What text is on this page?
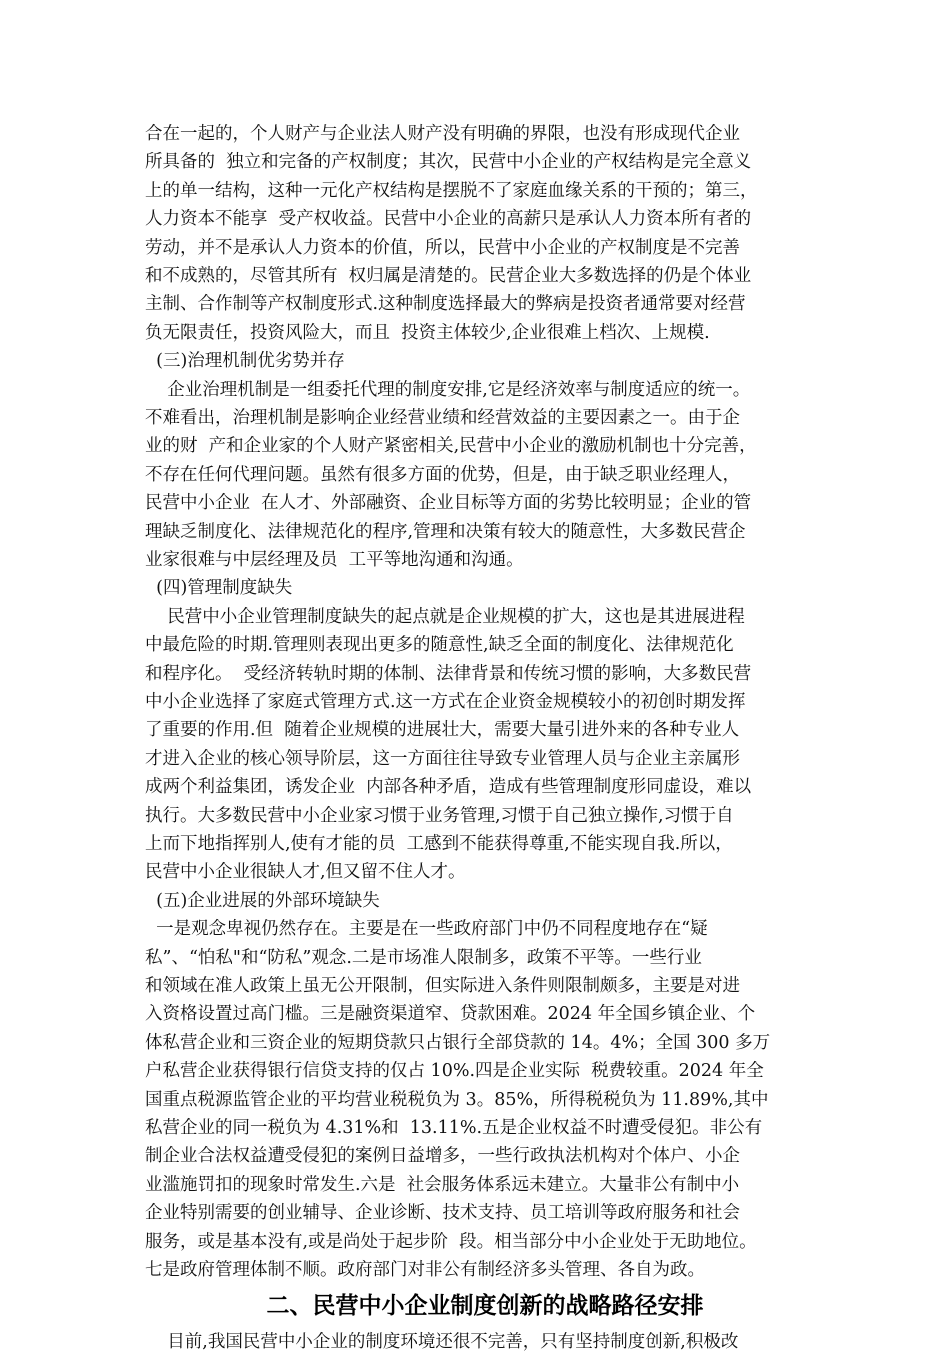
二、民营中小企业制度创新的战略路径安排
合在一起的，个人财产与企业法人财产没有明确的界限，也没有形成现代企业
所具备的  独立和完备的产权制度；其次，民营中小企业的产权结构是完全意义
上的单一结构，这种一元化产权结构是摆脱不了家庭血缘关系的干预的；第三，
人力资本不能享  受产权收益。民营中小企业的高薪只是承认人力资本所有者的
劳动，并不是承认人力资本的价值，所以，民营中小企业的产权制度是不完善
和不成熟的，尽管其所有  权归属是清楚的。民营企业大多数选择的仍是个体业
主制、合作制等产权制度形式.这种制度选择最大的弊病是投资者通常要对经营
负无限责任，投资风险大，而且  投资主体较少,企业很难上档次、上规模.
(三)治理机制优劣势并存
企业治理机制是一组委托代理的制度安排,它是经济效率与制度适应的统一。
不难看出，治理机制是影响企业经营业绩和经营效益的主要因素之一。由于企
业的财  产和企业家的个人财产紧密相关,民营中小企业的激励机制也十分完善，
不存在任何代理问题。虽然有很多方面的优势，但是，由于缺乏职业经理人，
民营中小企业  在人才、外部融资、企业目标等方面的劣势比较明显；企业的管
理缺乏制度化、法律规范化的程序,管理和决策有较大的随意性，大多数民营企
业家很难与中层经理及员  工平等地沟通和沟通。
(四)管理制度缺失
民营中小企业管理制度缺失的起点就是企业规模的扩大，这也是其进展进程
中最危险的时期.管理则表现出更多的随意性,缺乏全面的制度化、法律规范化
和程序化。  受经济转轨时期的体制、法律背景和传统习惯的影响，大多数民营
中小企业选择了家庭式管理方式.这一方式在企业资金规模较小的初创时期发挥
了重要的作用.但  随着企业规模的进展壮大，需要大量引进外来的各种专业人
才进入企业的核心领导阶层，这一方面往往导致专业管理人员与企业主亲属形
成两个利益集团，诱发企业  内部各种矛盾，造成有些管理制度形同虚设，难以
执行。大多数民营中小企业家习惯于业务管理,习惯于自己独立操作,习惯于自
上而下地指挥别人,使有才能的员  工感到不能获得尊重,不能实现自我.所以，
民营中小企业很缺人才,但又留不住人才。
(五)企业进展的外部环境缺失
一是观念卑视仍然存在。主要是在一些政府部门中仍不同程度地存在“疑
私”、“怕私"和“防私”观念.二是市场准人限制多，政策不平等。一些行业
和领域在准人政策上虽无公开限制，但实际进入条件则限制颇多，主要是对进
入资格设置过高门槛。三是融资渠道窄、贷款困难。2024 年全国乡镇企业、个
体私营企业和三资企业的短期贷款只占银行全部贷款的 14。4%；全国 300 多万
户私营企业获得银行信贷支持的仅占 10%.四是企业实际  税费较重。2024 年全
国重点税源监管企业的平均营业税税负为 3。85%，所得税税负为 11.89%,其中
私营企业的同一税负为 4.31%和  13.11%.五是企业权益不时遭受侵犯。非公有
制企业合法权益遭受侵犯的案例日益增多，一些行政执法机构对个体户、小企
业滥施罚扣的现象时常发生.六是  社会服务体系远未建立。大量非公有制中小
企业特别需要的创业辅导、企业诊断、技术支持、员工培训等政府服务和社会
服务，或是基本没有,或是尚处于起步阶  段。相当部分中小企业处于无助地位。
七是政府管理体制不顺。政府部门对非公有制经济多头管理、各自为政。
目前,我国民营中小企业的制度环境还很不完善，只有坚持制度创新,积极改
